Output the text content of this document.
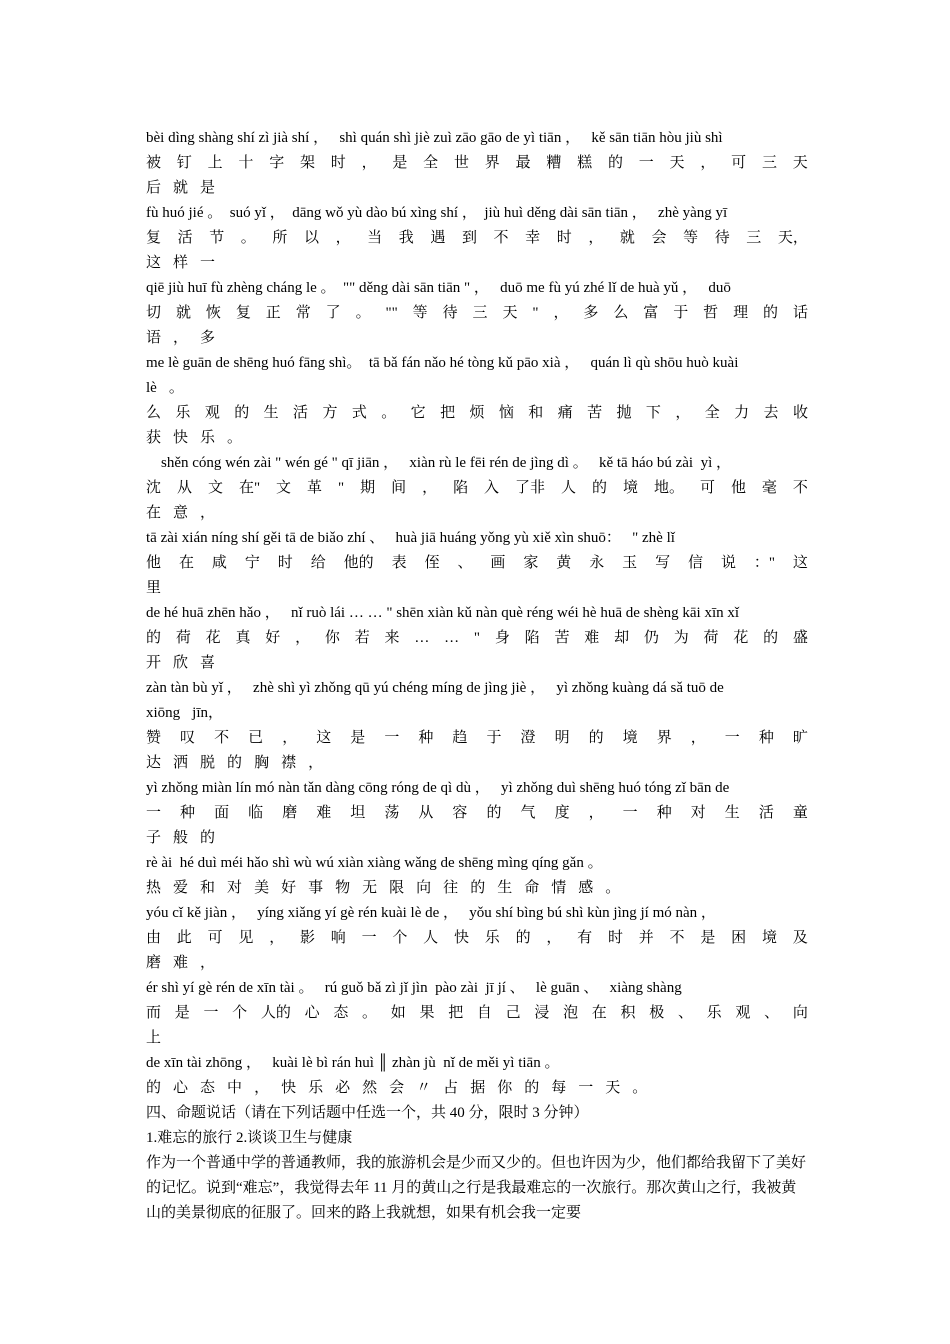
bèi dìng shàng shí zì jià shí ，   shì quán shì jiè zuì zāo gāo de yì tiān ，   kě sān tiān hòu jiù shì
被 钉 上 十 字 架 时 ， 是 全 世 界 最 糟 糕 的 一 天 ， 可 三 天
后 就 是
fù huó jié 。  suó yǐ ，  dāng wǒ yù dào bú xìng shí ，  jiù huì děng dài sān tiān ，   zhè yàng yī
复 活 节 。 所 以 ， 当 我 遇 到 不 幸 时 ， 就 会 等 待 三 天，
这 样 一
qiē jiù huī fù zhèng cháng le 。  "" děng dài sān tiān " ，   duō me fù yú zhé lǐ de huà yǔ ，   duō
切 就 恢 复 正 常 了 。 "" 等 待 三 天 " ， 多 么 富 于 哲 理 的 话
语 ， 多
me lè guān de shēng huó fāng shì。  tā bǎ fán nǎo hé tòng kǔ pāo xià ，   quán lì qù shōu huò kuài
lè 。
么 乐 观 的 生 活 方 式 。 它 把 烦 恼 和 痛 苦 抛 下 ， 全 力 去 收
获 快 乐 。
shěn cóng wén zài " wén gé " qī jiān ，   xiàn rù le fēi rén de jìng dì 。   kě tā háo bú zài  yì ，
沈 从 文 在" 文 革 " 期 间 ， 陷 入 了非 人 的 境 地。 可 他 毫 不
在 意 ，
tā zài xián níng shí gěi tā de biǎo zhí 、   huà jiā huáng yǒng yù xiě xìn shuō：   " zhè lǐ
他 在 咸 宁 时 给 他的 表 侄 、 画 家 黄 永 玉 写 信 说 ：" 这
里
de hé huā zhēn hǎo ，   nǐ ruò lái … … " shēn xiàn kǔ nàn què réng wéi hè huā de shèng kāi xīn xǐ
的 荷 花 真 好 ， 你 若 来 … … " 身 陷 苦 难 却 仍 为 荷 花 的 盛
开 欣 喜
zàn tàn bù yǐ ，   zhè shì yì zhǒng qū yú chéng míng de jìng jiè ，   yì zhǒng kuàng dá sǎ tuō de
xiōng jīn，
赞 叹 不 已 ， 这 是 一 种 趋 于 澄 明 的 境 界 ， 一 种 旷
达 洒 脱 的 胸 襟 ，
yì zhǒng miàn lín mó nàn tǎn dàng cōng róng de qì dù ，   yì zhǒng duì shēng huó tóng zǐ bān de
一 种 面 临 磨 难 坦 荡 从 容 的 气 度 ， 一 种 对 生 活 童
子 般 的
rè ài  hé duì méi hǎo shì wù wú xiàn xiàng wǎng de shēng mìng qíng gǎn 。
热 爱 和 对 美 好 事 物 无 限 向 往 的 生 命 情 感 。
yóu cǐ kě jiàn ，   yíng xiǎng yí gè rén kuài lè de ，   yǒu shí bìng bú shì kùn jìng jí mó nàn ，
由 此 可 见 ， 影 响 一 个 人 快 乐 的 ， 有 时 并 不 是 困 境 及
磨 难 ，
ér shì yí gè rén de xīn tài 。   rú guǒ bǎ zì jǐ jìn  pào zài  jī jí 、   lè guān 、   xiàng shàng
而 是 一 个 人的 心 态 。 如 果 把 自 己 浸 泡 在 积 极 、 乐 观 、 向
上
de xīn tài zhōng ，   kuài lè bì rán huì ║ zhàn jù  nǐ de měi yì tiān 。
的 心 态 中 ， 快 乐 必 然 会 〃 占 据 你 的 每 一 天 。
四、命题说话（请在下列话题中任选一个，共 40 分，限时 3 分钟）
1.难忘的旅行 2.谈谈卫生与健康
作为一个普通中学的普通教师，我的旅游机会是少而又少的。但也许因为少，他们都给我留下了美好的记忆。说到“难忘”，我觉得去年 11 月的黄山之行是我最难忘的一次旅行。那次黄山之行，我被黄山的美景彻底的征服了。回来的路上我就想，如果有机会我一定要
